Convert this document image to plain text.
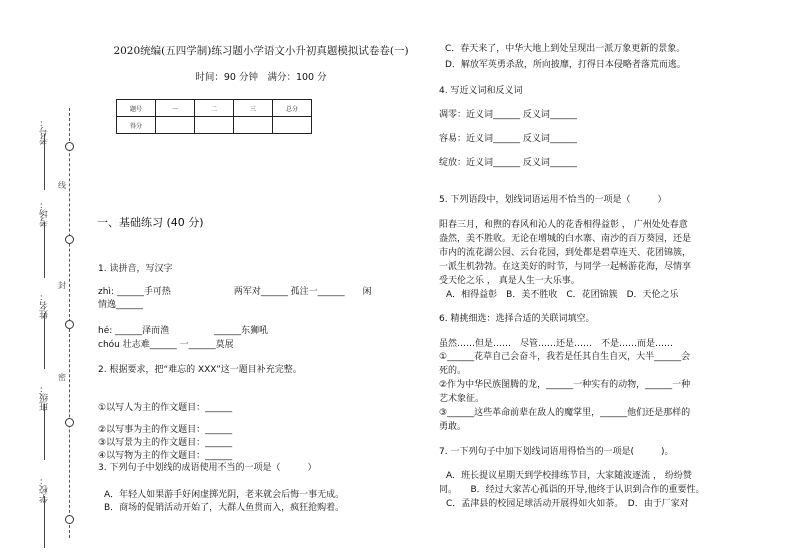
线
封
密
考号：
考场：
姓名：
班级：
学校：
2020统编(五四学制)练习题小学语文小升初真题模拟试卷卷(一)
时间：90 分钟　满分：100 分
题号	一	二	三	总分
得分				
一、基础练习 (40 分)
1. 读拼音，写汉字
zhì: ______手可热　　　　　　　两军对______ 孤注一______　　闲
情逸______
hé: ______泽而渔　　　　　______东狮吼
chóu 壮志难______ 一______莫展
2. 根据要求，把“难忘的 XXX”这一题目补充完整。
①以写人为主的作文题目：______
②以写事为主的作文题目：______
③以写景为主的作文题目：______
④以写物为主的作文题目：______
3. 下列句子中划线的成语使用不当的一项是（　　　）
A．年轻人如果游手好闲虚掷光阴，老来就会后悔一事无成。
B．商场的促销活动开始了，大群人鱼贯而入，疯狂抢购着。
C．春天来了，中华大地上到处呈现出一派万象更新的景象。
D．解放军英勇杀敌，所向披靡，打得日本侵略者落荒而逃。
4. 写近义词和反义词
凋零：近义词______ 反义词______
容易：近义词______ 反义词______
绽放：近义词______ 反义词______
5. 下列语段中，划线词语运用不恰当的一项是（　　　）
阳春三月，和煦的春风和沁人的花香相得益彰 ， 广州处处春意
盎然，美不胜收。无论在增城的白水寨、南沙的百万葵园，还是
市内的流花湖公园、云台花园，到处都是碧草连天、花团锦簇，
一派生机勃勃。在这美好的时节，与同学一起畅游花海，尽情享
受天伦之乐 ， 真是人生一大乐事。
A．相得益彰　B．美不胜收　C．花团锦簇　D．天伦之乐
6. 精挑细选：选择合适的关联词填空。
虽然……但是……　尽管……还是……　不是……而是……
①______花草自己会奋斗，我若是任其自生自灭，大半______会
死的。
②作为中华民族图腾的龙，______一种实有的动物，______一种
艺术象征。
③______这些革命前辈在敌人的魔掌里，______他们还是那样的
勇敢。
7. 一下列句子中加下划线词语用得恰当的一项是(　　　)。
A．班长提议星期天到学校排练节目，大家随波逐流 ， 纷纷赞
同。　　B．经过大家苦心孤诣的开导,他终于认识到合作的重要性。
C．孟津县的校园足球活动开展得如火如荼。　D．由于厂家对
